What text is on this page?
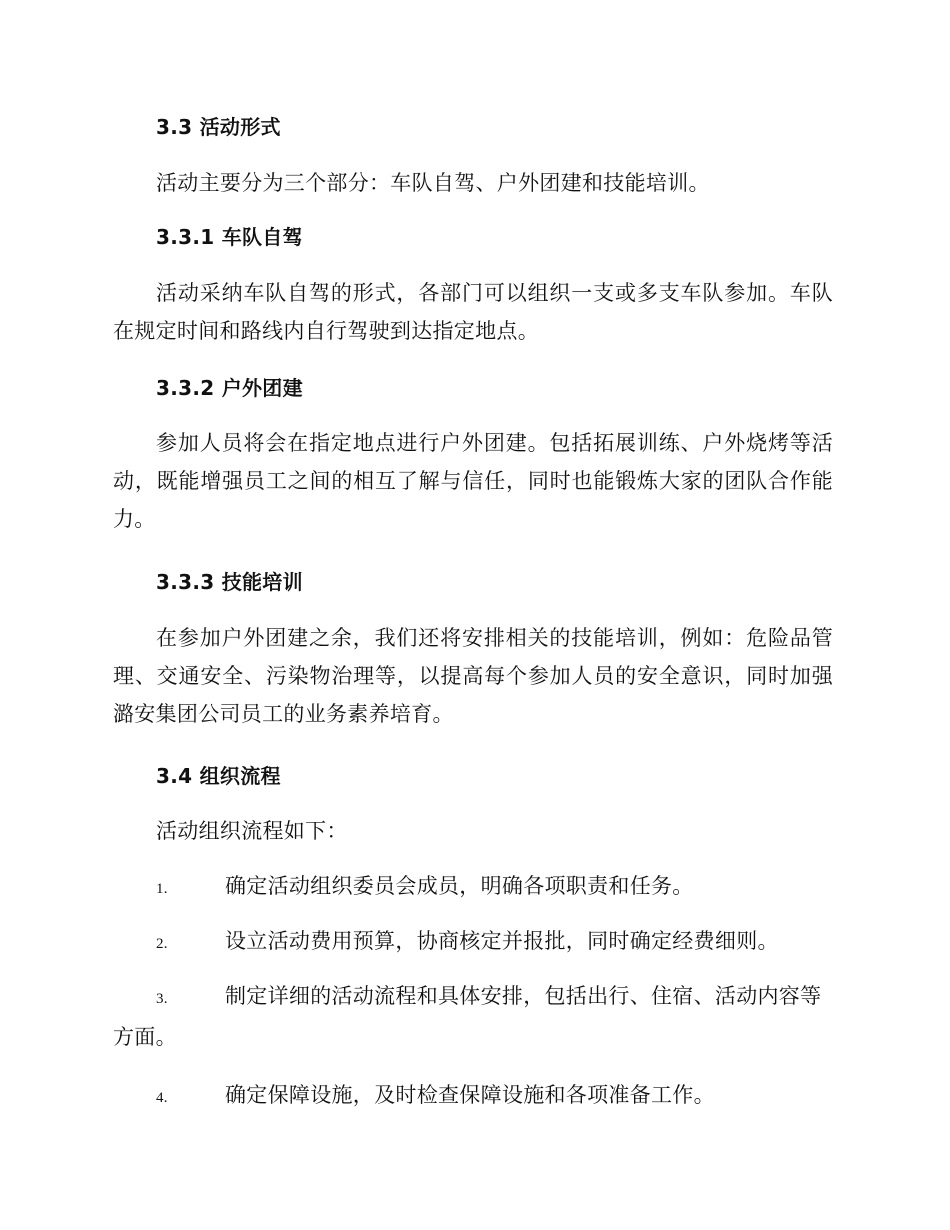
3.3 活动形式
活动主要分为三个部分：车队自驾、户外团建和技能培训。
3.3.1 车队自驾
活动采纳车队自驾的形式，各部门可以组织一支或多支车队参加。车队在规定时间和路线内自行驾驶到达指定地点。
3.3.2 户外团建
参加人员将会在指定地点进行户外团建。包括拓展训练、户外烧烤等活动，既能增强员工之间的相互了解与信任，同时也能锻炼大家的团队合作能力。
3.3.3 技能培训
在参加户外团建之余，我们还将安排相关的技能培训，例如：危险品管理、交通安全、污染物治理等，以提高每个参加人员的安全意识，同时加强潞安集团公司员工的业务素养培育。
3.4 组织流程
活动组织流程如下：
1.	确定活动组织委员会成员，明确各项职责和任务。
2.	设立活动费用预算，协商核定并报批，同时确定经费细则。
3.	制定详细的活动流程和具体安排，包括出行、住宿、活动内容等方面。
4.	确定保障设施，及时检查保障设施和各项准备工作。
